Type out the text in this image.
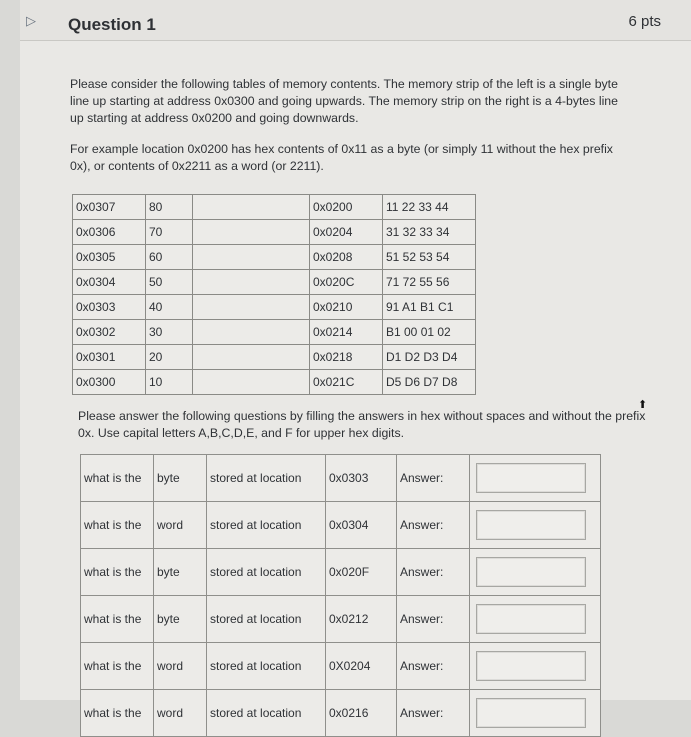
▷ Question 1	6 pts

Please consider the following tables of memory contents. The memory strip of the left is a single byte line up starting at address 0x0300 and going upwards. The memory strip on the right is a 4-bytes line up starting at address 0x0200 and going downwards.

For example location 0x0200 has hex contents of 0x11 as a byte (or simply 11 without the hex prefix 0x), or contents of 0x2211 as a word (or 2211).

0x0307	80		0x0200	11 22 33 44
0x0306	70		0x0204	31 32 33 34
0x0305	60		0x0208	51 52 53 54
0x0304	50		0x020C	71 72 55 56
0x0303	40		0x0210	91 A1 B1 C1
0x0302	30		0x0214	B1 00 01 02
0x0301	20		0x0218	D1 D2 D3 D4
0x0300	10		0x021C	D5 D6 D7 D8
Please answer the following questions by filling the answers in hex without spaces and without the prefix 0x. Use capital letters A,B,C,D,E, and F for upper hex digits.
⬆
what is the	byte	stored at location	0x0303	Answer:	
what is the	word	stored at location	0x0304	Answer:	
what is the	byte	stored at location	0x020F	Answer:	
what is the	byte	stored at location	0x0212	Answer:	
what is the	word	stored at location	0X0204	Answer:	
what is the	word	stored at location	0x0216	Answer:	
